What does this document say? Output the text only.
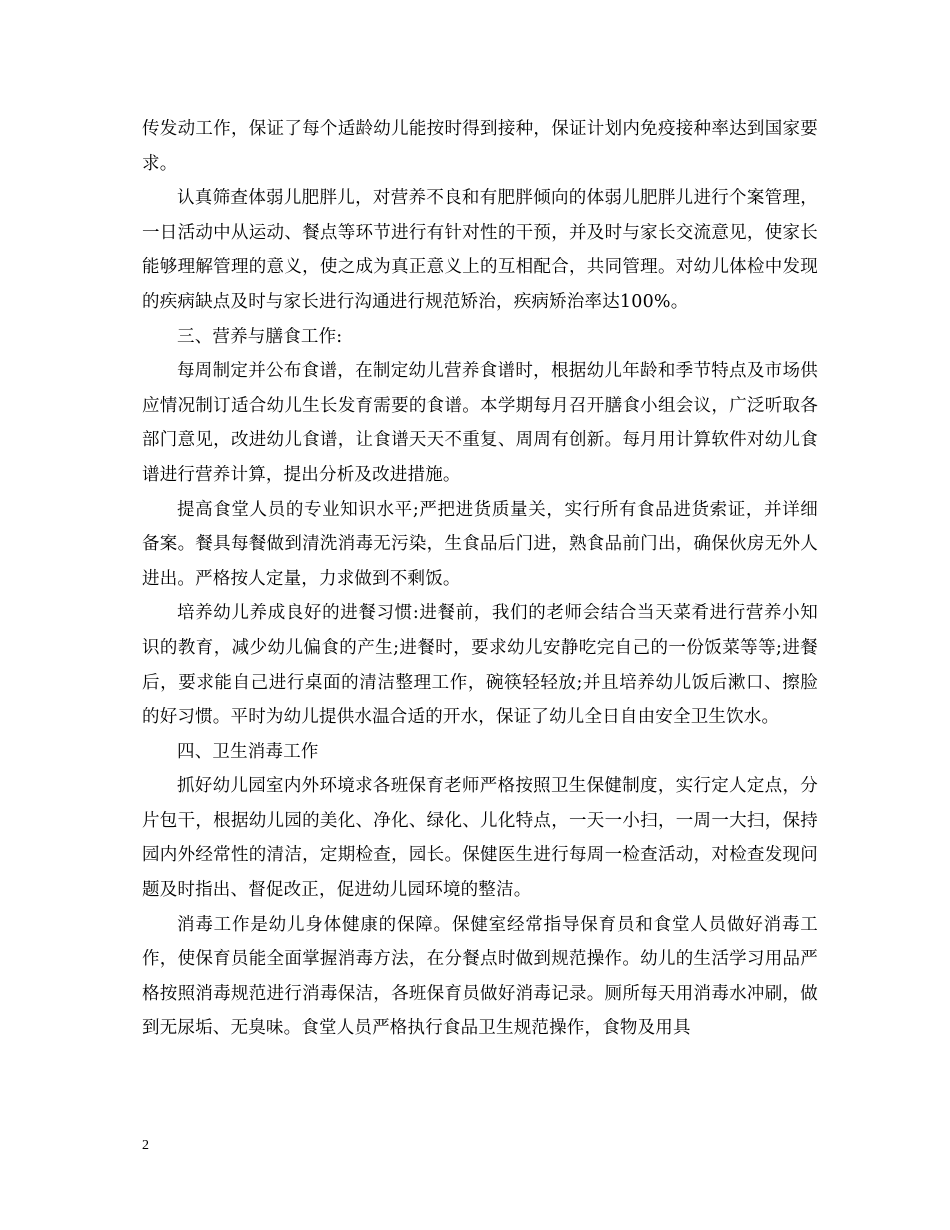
传发动工作，保证了每个适龄幼儿能按时得到接种，保证计划内免疫接种率达到国家要求。

认真筛查体弱儿肥胖儿，对营养不良和有肥胖倾向的体弱儿肥胖儿进行个案管理，一日活动中从运动、餐点等环节进行有针对性的干预，并及时与家长交流意见，使家长能够理解管理的意义，使之成为真正意义上的互相配合，共同管理。对幼儿体检中发现的疾病缺点及时与家长进行沟通进行规范矫治，疾病矫治率达100%。

三、营养与膳食工作:

每周制定并公布食谱，在制定幼儿营养食谱时，根据幼儿年龄和季节特点及市场供应情况制订适合幼儿生长发育需要的食谱。本学期每月召开膳食小组会议，广泛听取各部门意见，改进幼儿食谱，让食谱天天不重复、周周有创新。每月用计算软件对幼儿食谱进行营养计算，提出分析及改进措施。

提高食堂人员的专业知识水平;严把进货质量关，实行所有食品进货索证，并详细备案。餐具每餐做到清洗消毒无污染，生食品后门进，熟食品前门出，确保伙房无外人进出。严格按人定量，力求做到不剩饭。

培养幼儿养成良好的进餐习惯:进餐前，我们的老师会结合当天菜肴进行营养小知识的教育，减少幼儿偏食的产生;进餐时，要求幼儿安静吃完自己的一份饭菜等等;进餐后，要求能自己进行桌面的清洁整理工作，碗筷轻轻放;并且培养幼儿饭后漱口、擦脸的好习惯。平时为幼儿提供水温合适的开水，保证了幼儿全日自由安全卫生饮水。

四、卫生消毒工作

抓好幼儿园室内外环境求各班保育老师严格按照卫生保健制度，实行定人定点，分片包干，根据幼儿园的美化、净化、绿化、儿化特点，一天一小扫，一周一大扫，保持园内外经常性的清洁，定期检查，园长。保健医生进行每周一检查活动，对检查发现问题及时指出、督促改正，促进幼儿园环境的整洁。

消毒工作是幼儿身体健康的保障。保健室经常指导保育员和食堂人员做好消毒工作，使保育员能全面掌握消毒方法，在分餐点时做到规范操作。幼儿的生活学习用品严格按照消毒规范进行消毒保洁，各班保育员做好消毒记录。厕所每天用消毒水冲刷，做到无尿垢、无臭味。食堂人员严格执行食品卫生规范操作，食物及用具

2
